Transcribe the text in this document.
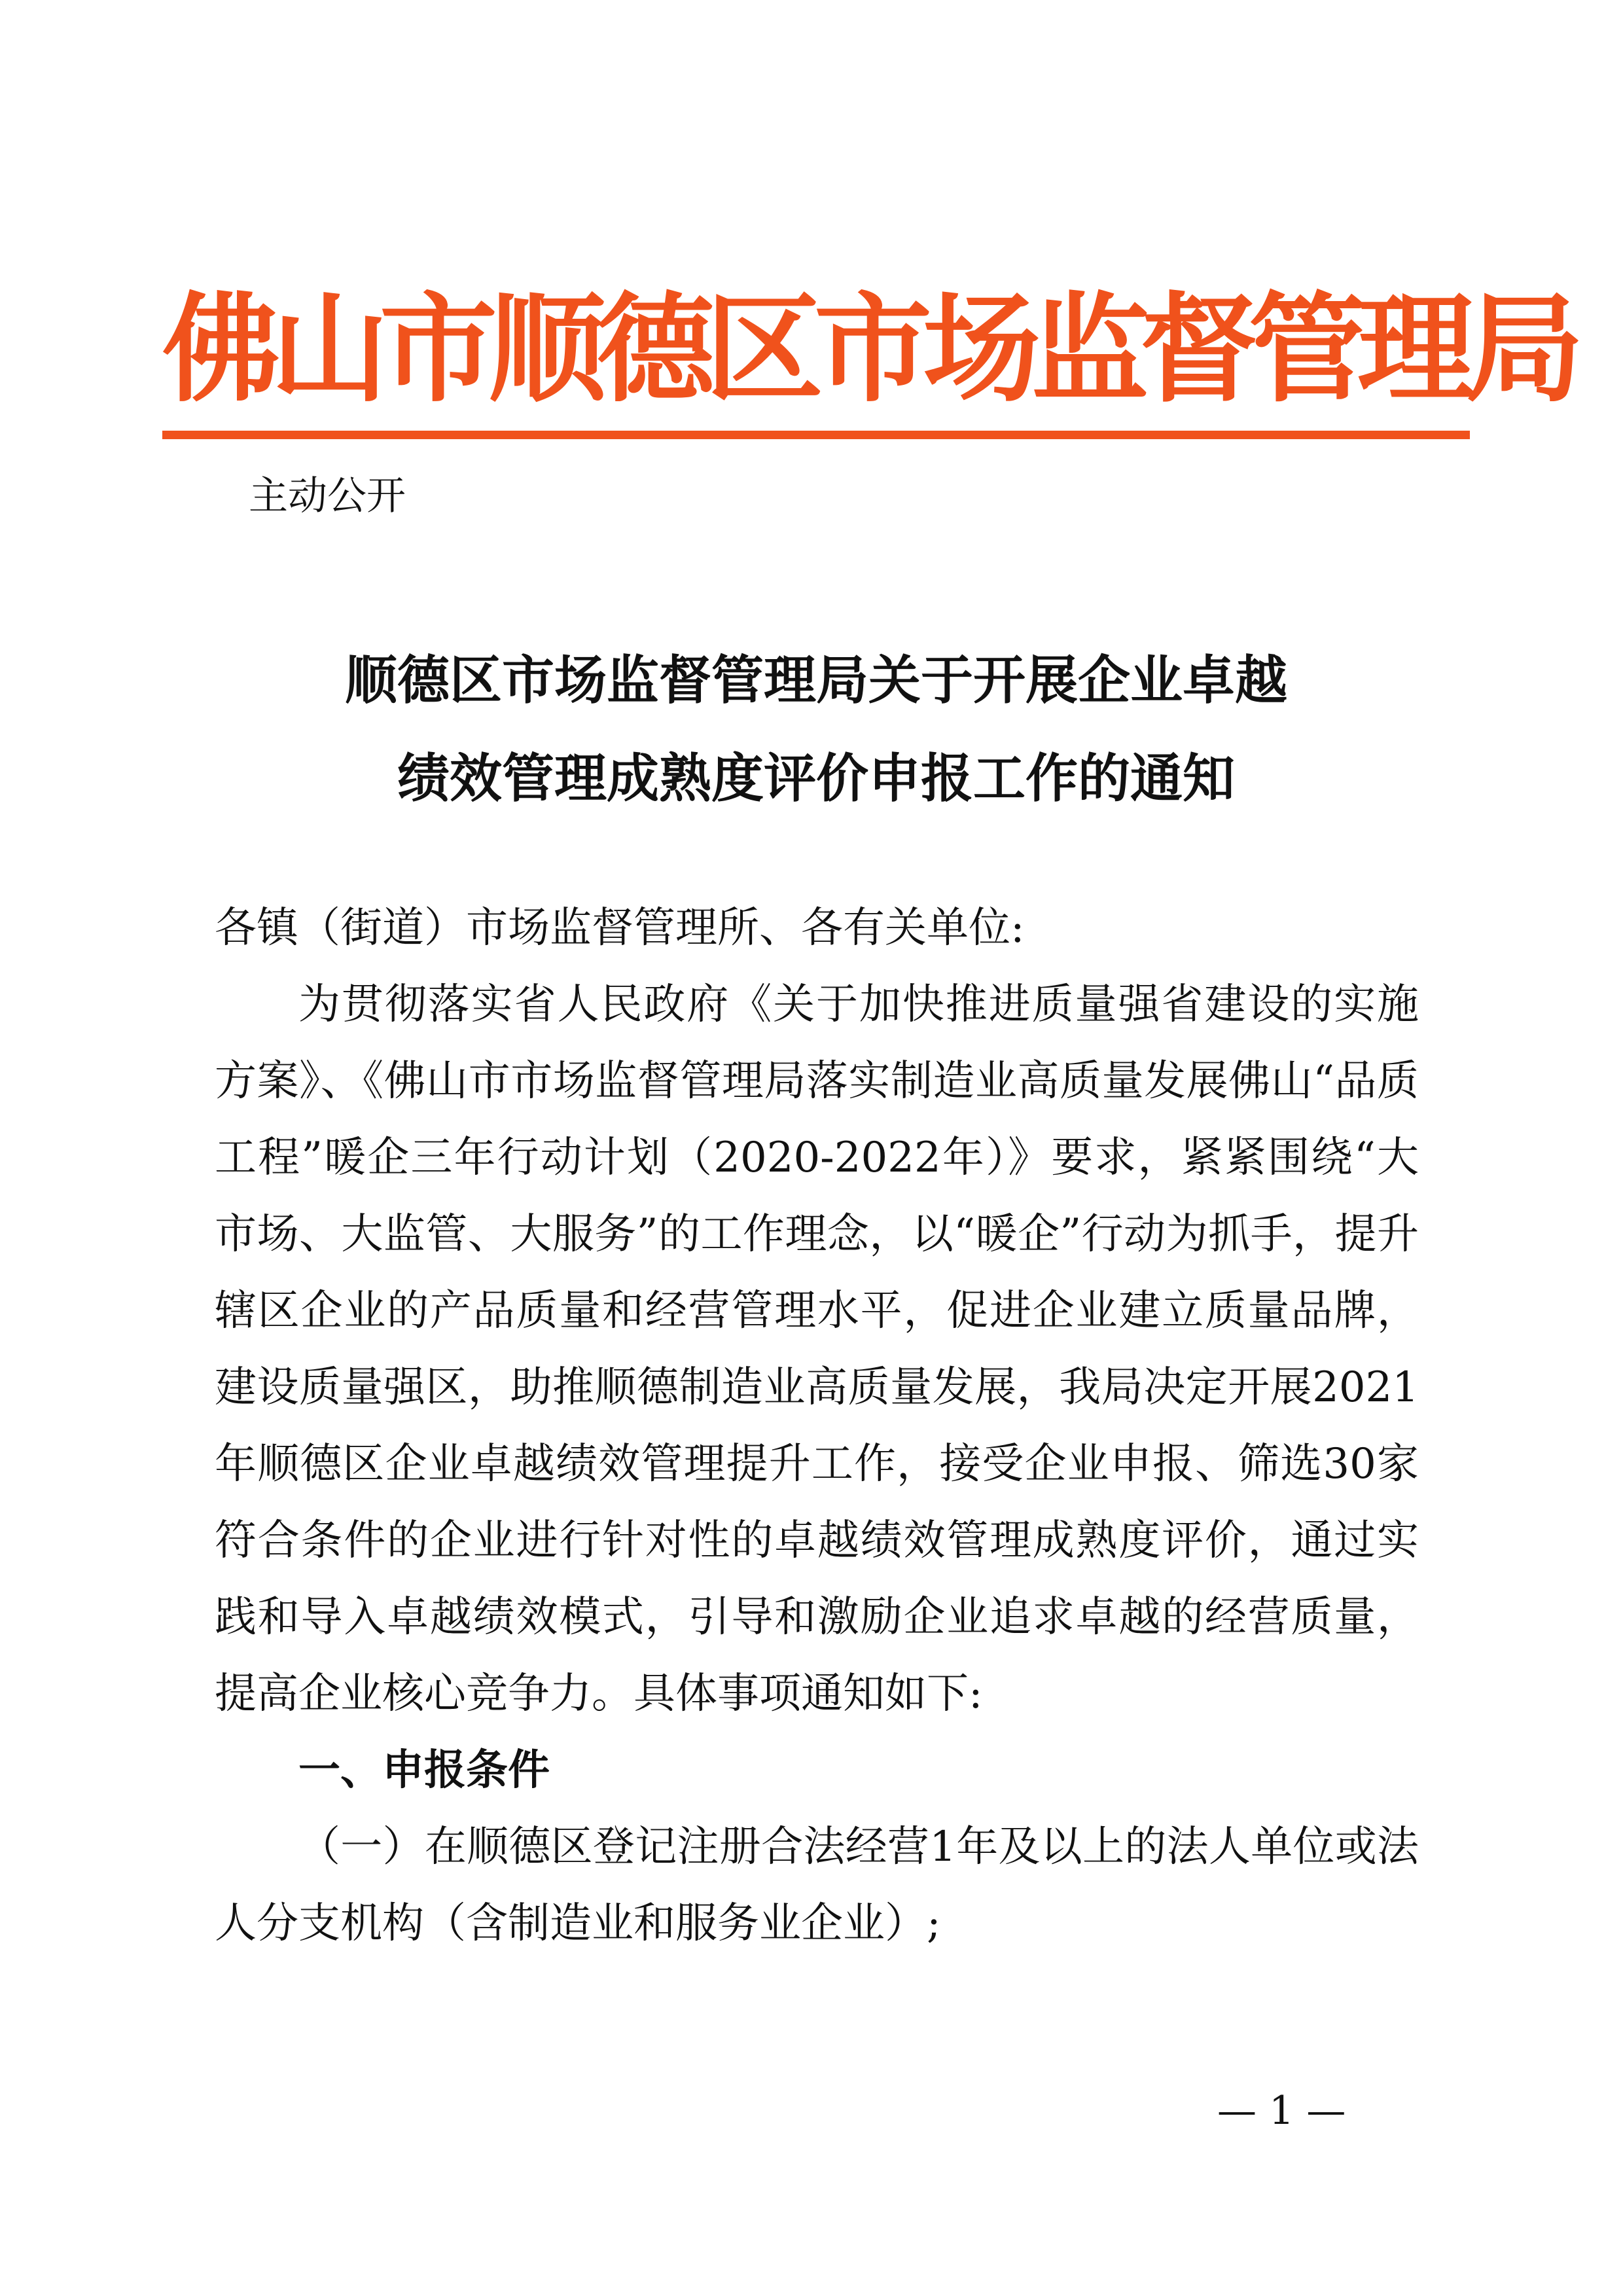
佛山市顺德区市场监督管理局

主动公开

顺德区市场监督管理局关于开展企业卓越
绩效管理成熟度评价申报工作的通知

各镇（街道）市场监督管理所、各有关单位:

为贯彻落实省人民政府《关于加快推进质量强省建设的实施方案》、《佛山市市场监督管理局落实制造业高质量发展佛山“品质工程”暖企三年行动计划（2020-2022年）》要求，紧紧围绕“大市场、大监管、大服务”的工作理念，以“暖企”行动为抓手，提升辖区企业的产品质量和经营管理水平，促进企业建立质量品牌，建设质量强区，助推顺德制造业高质量发展，我局决定开展2021年顺德区企业卓越绩效管理提升工作，接受企业申报、筛选30家符合条件的企业进行针对性的卓越绩效管理成熟度评价，通过实践和导入卓越绩效模式，引导和激励企业追求卓越的经营质量，提高企业核心竞争力。具体事项通知如下:

一、申报条件

（一）在顺德区登记注册合法经营1年及以上的法人单位或法人分支机构（含制造业和服务业企业）;

— 1 —
